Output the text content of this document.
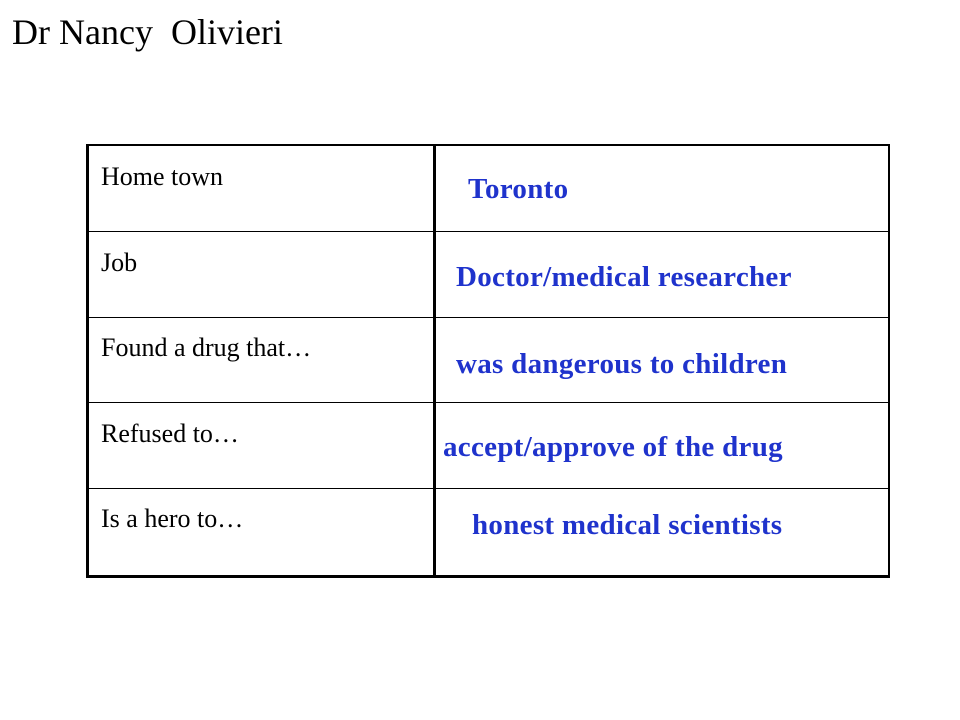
Dr Nancy  Olivieri
Home town
Job
Found a drug that…
Refused to…
Is a hero to…
Toronto
Doctor/medical researcher
was dangerous to children
accept/approve of the drug
honest medical scientists
